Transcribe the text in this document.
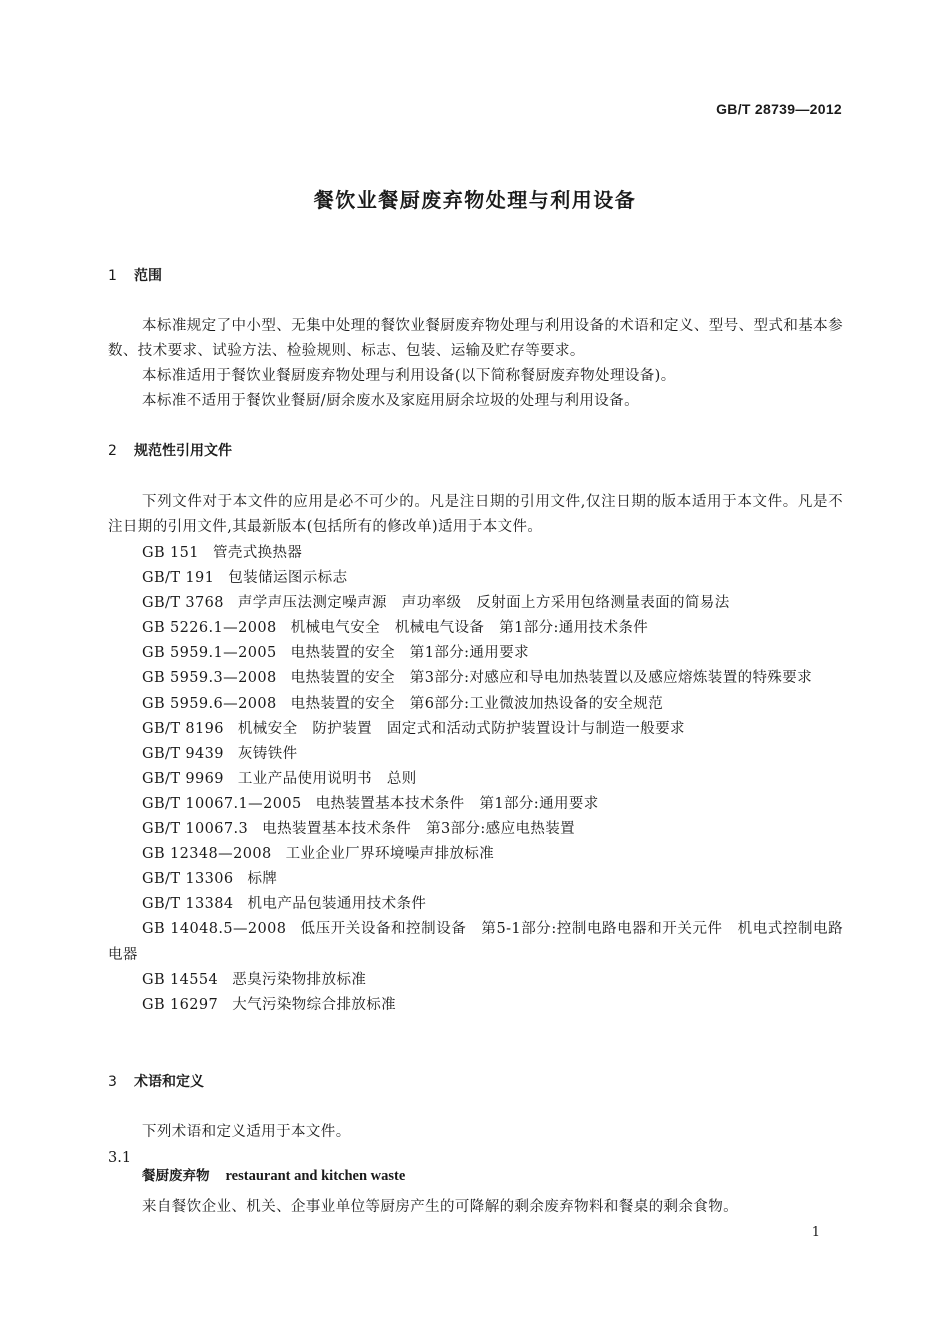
GB/T 28739—2012
餐饮业餐厨废弃物处理与利用设备
1 范围
本标准规定了中小型、无集中处理的餐饮业餐厨废弃物处理与利用设备的术语和定义、型号、型式和基本参数、技术要求、试验方法、检验规则、标志、包装、运输及贮存等要求。
本标准适用于餐饮业餐厨废弃物处理与利用设备(以下简称餐厨废弃物处理设备)。
本标准不适用于餐饮业餐厨/厨余废水及家庭用厨余垃圾的处理与利用设备。
2 规范性引用文件
下列文件对于本文件的应用是必不可少的。凡是注日期的引用文件,仅注日期的版本适用于本文件。凡是不注日期的引用文件,其最新版本(包括所有的修改单)适用于本文件。
GB 151 管壳式换热器
GB/T 191 包装储运图示标志
GB/T 3768 声学声压法测定噪声源　声功率级　反射面上方采用包络测量表面的简易法
GB 5226.1—2008 机械电气安全　机械电气设备　第1部分:通用技术条件
GB 5959.1—2005 电热装置的安全　第1部分:通用要求
GB 5959.3—2008 电热装置的安全　第3部分:对感应和导电加热装置以及感应熔炼装置的特殊要求
GB 5959.6—2008 电热装置的安全　第6部分:工业微波加热设备的安全规范
GB/T 8196 机械安全　防护装置　固定式和活动式防护装置设计与制造一般要求
GB/T 9439 灰铸铁件
GB/T 9969 工业产品使用说明书　总则
GB/T 10067.1—2005 电热装置基本技术条件　第1部分:通用要求
GB/T 10067.3 电热装置基本技术条件　第3部分:感应电热装置
GB 12348—2008 工业企业厂界环境噪声排放标准
GB/T 13306 标牌
GB/T 13384 机电产品包装通用技术条件
GB 14048.5—2008 低压开关设备和控制设备　第5-1部分:控制电路电器和开关元件　机电式控制电路电器
GB 14554 恶臭污染物排放标准
GB 16297 大气污染物综合排放标准
3 术语和定义
下列术语和定义适用于本文件。
3.1
餐厨废弃物 restaurant and kitchen waste
来自餐饮企业、机关、企事业单位等厨房产生的可降解的剩余废弃物料和餐桌的剩余食物。
1
